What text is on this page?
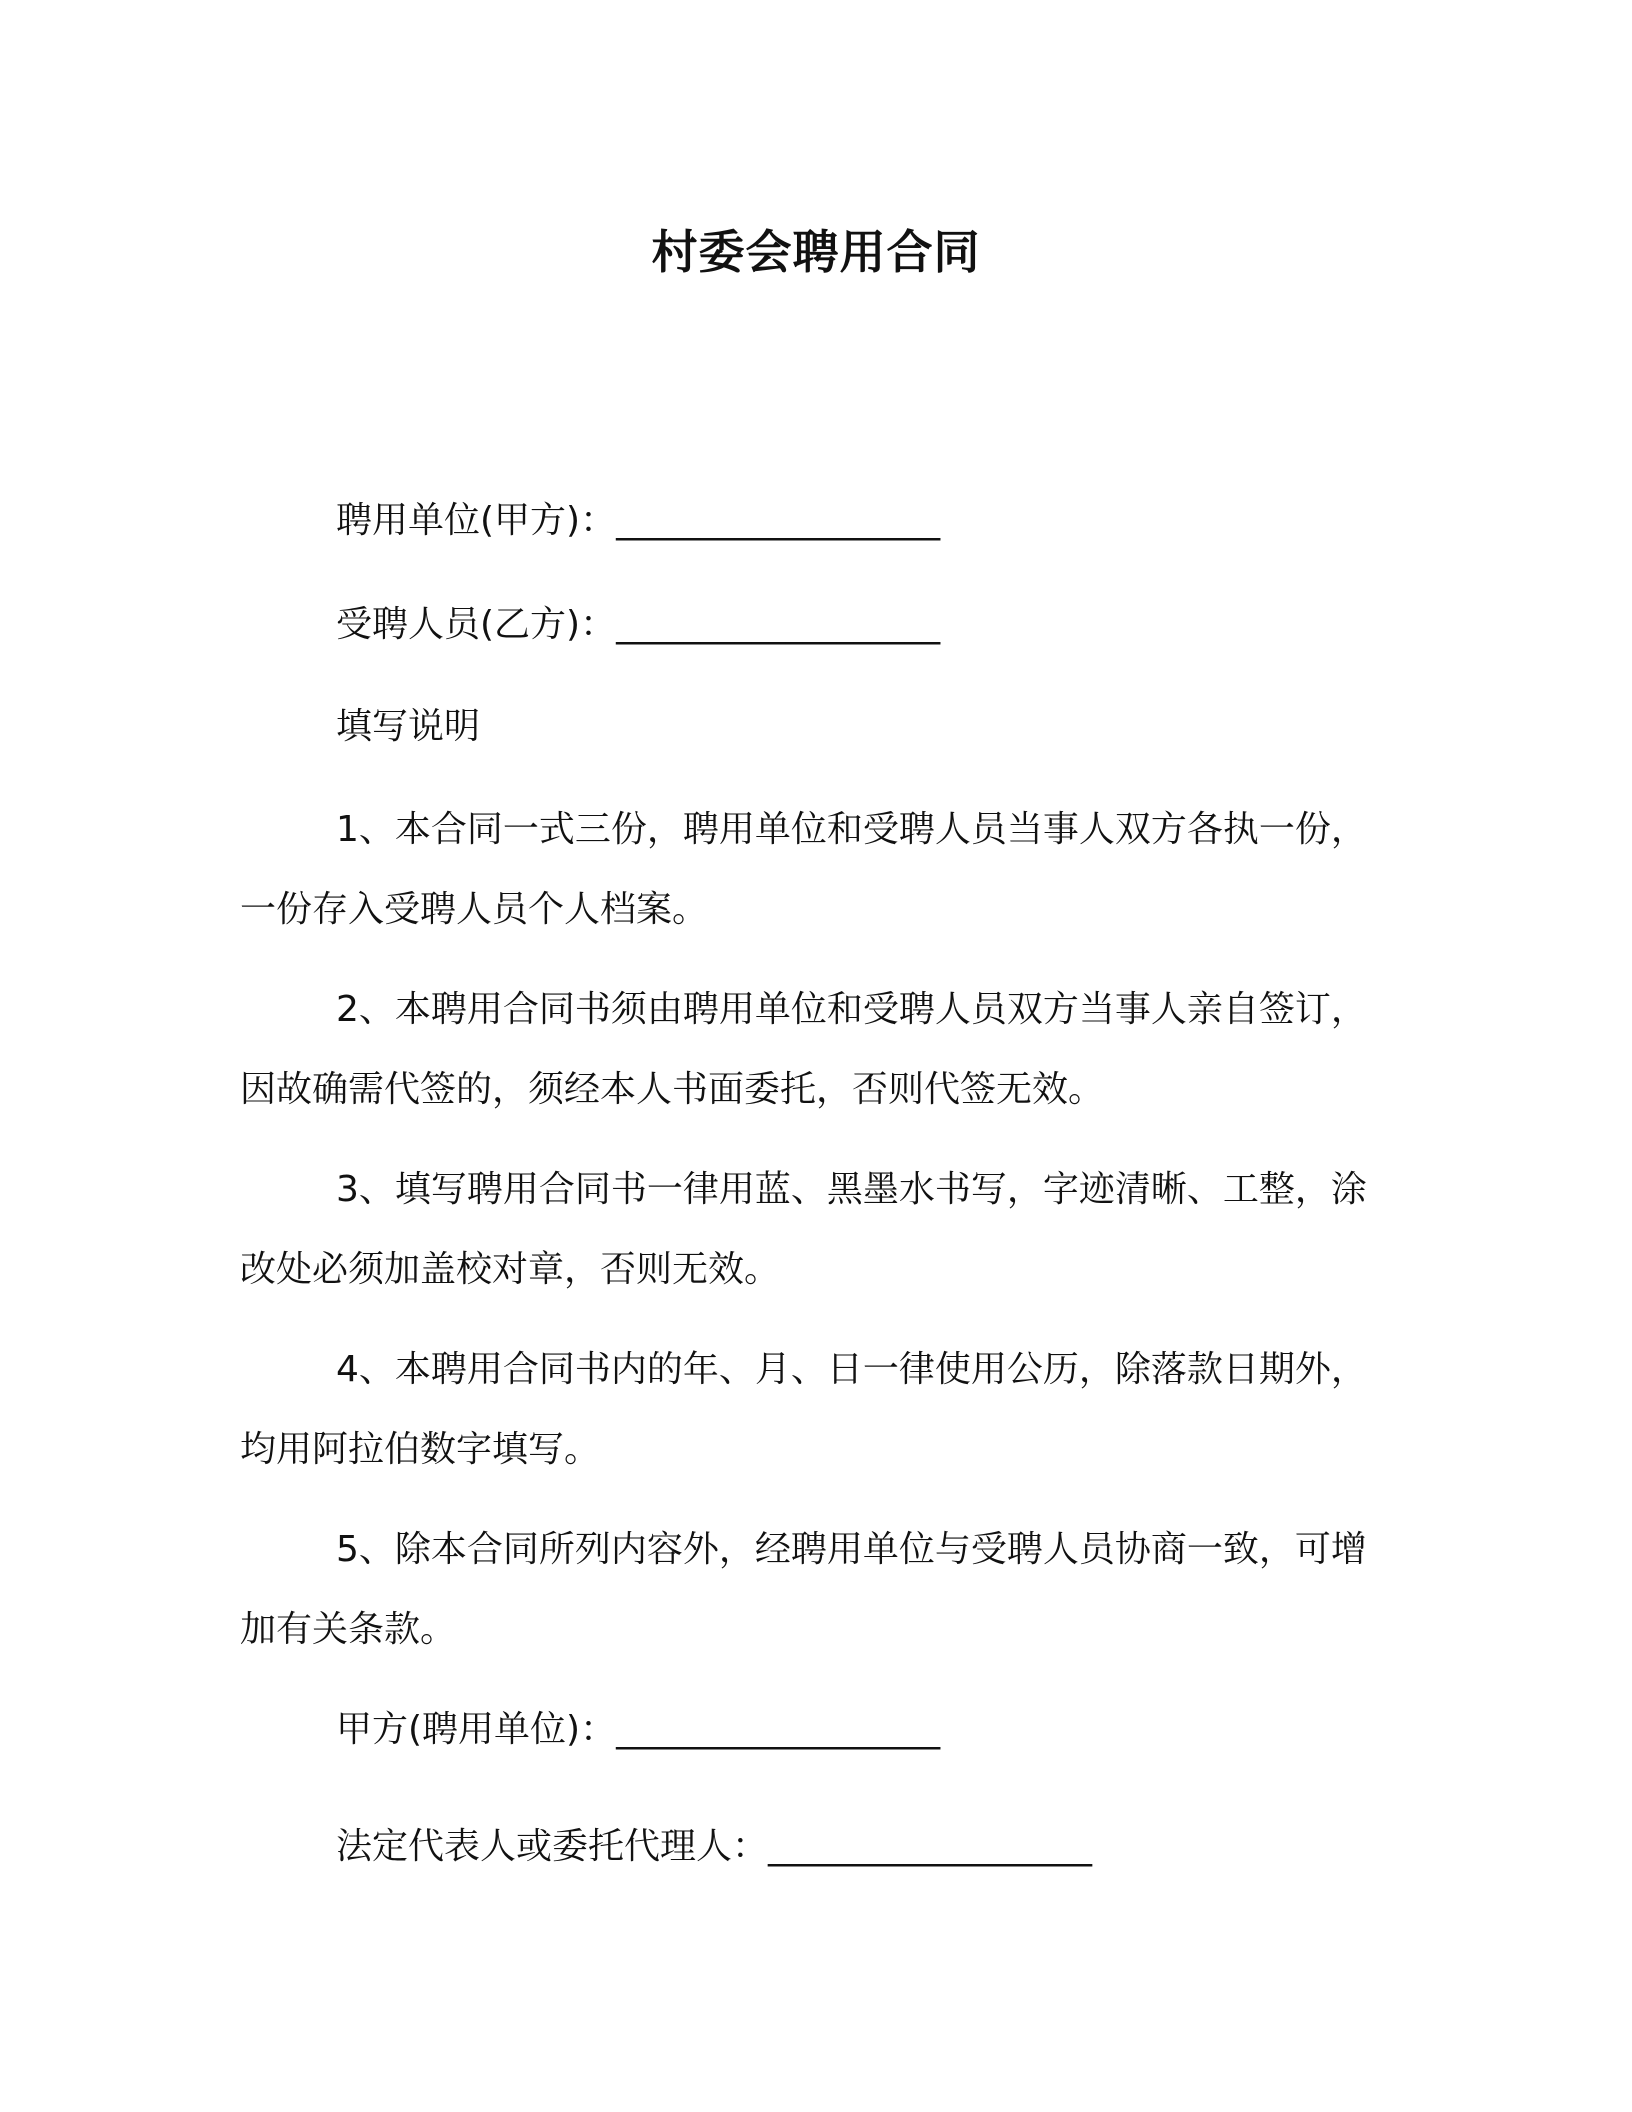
村委会聘用合同
聘用单位(甲方)：___________________
受聘人员(乙方)：___________________
填写说明
1、本合同一式三份，聘用单位和受聘人员当事人双方各执一份，一份存入受聘人员个人档案。
2、本聘用合同书须由聘用单位和受聘人员双方当事人亲自签订，因故确需代签的，须经本人书面委托，否则代签无效。
3、填写聘用合同书一律用蓝、黑墨水书写，字迹清晰、工整，涂改处必须加盖校对章，否则无效。
4、本聘用合同书内的年、月、日一律使用公历，除落款日期外，均用阿拉伯数字填写。
5、除本合同所列内容外，经聘用单位与受聘人员协商一致，可增加有关条款。
甲方(聘用单位)：___________________
法定代表人或委托代理人：___________________
